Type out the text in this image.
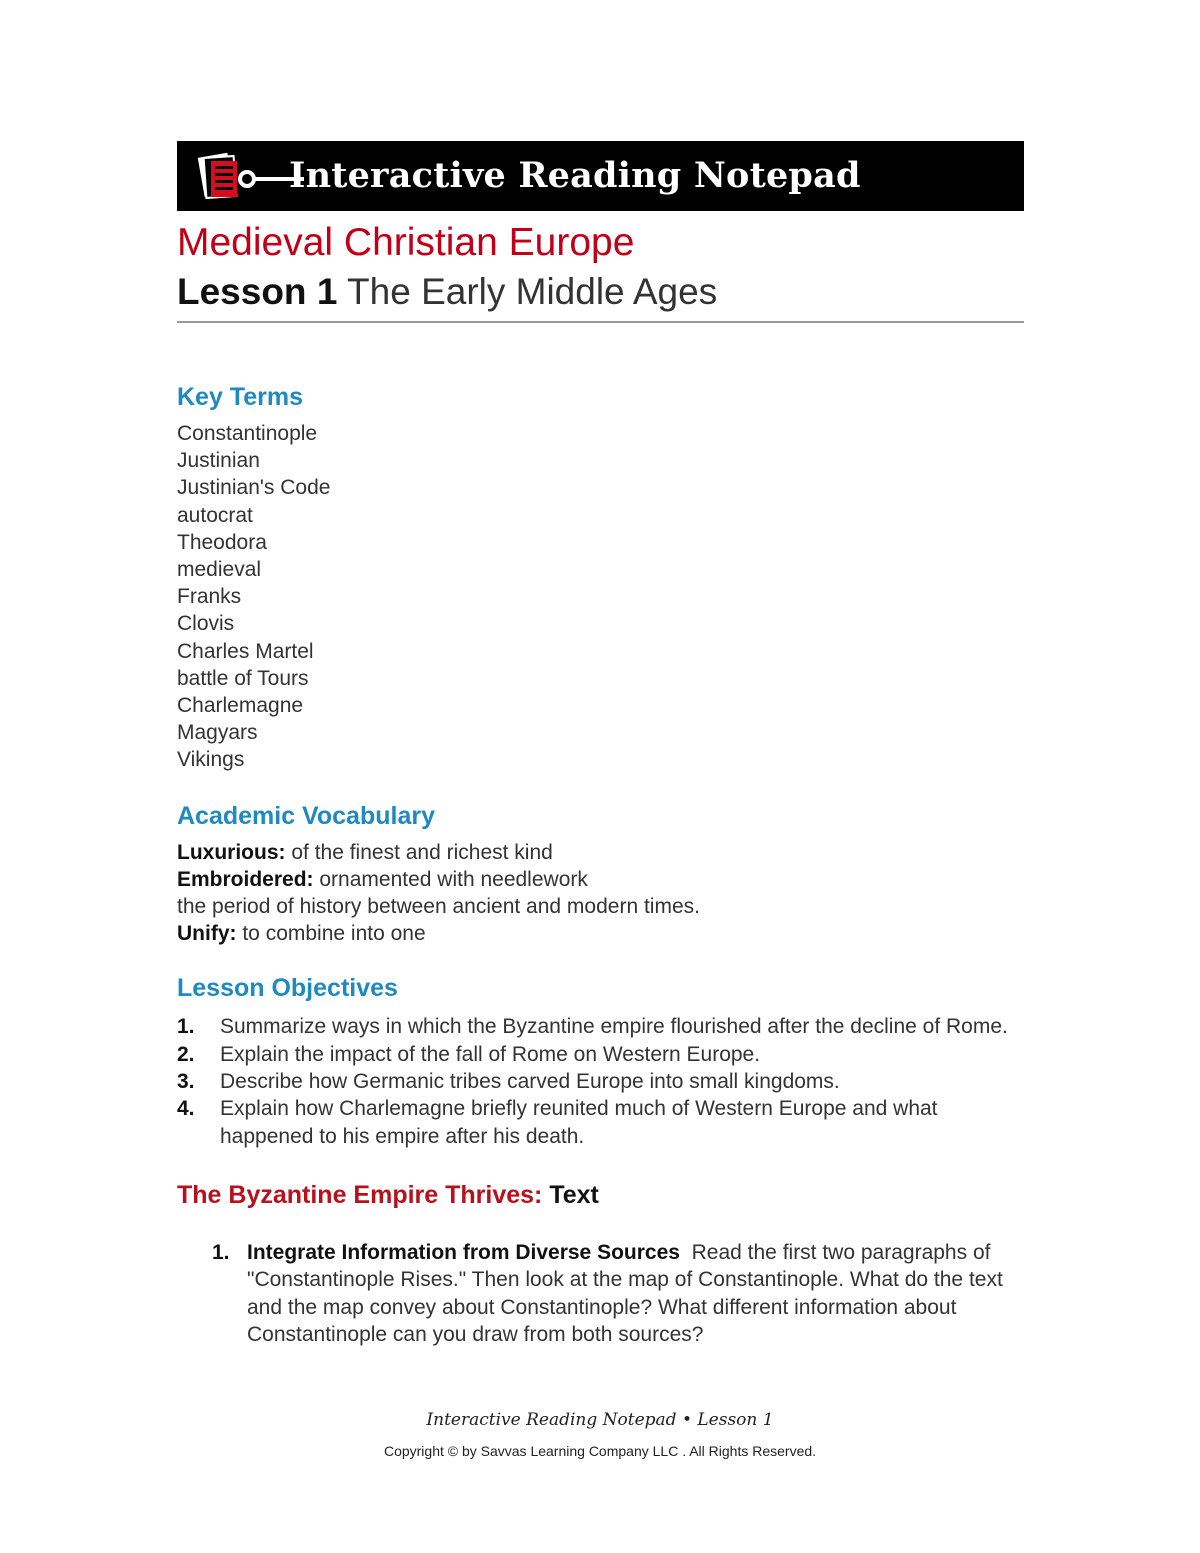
Interactive Reading Notepad
Medieval Christian Europe
Lesson 1 The Early Middle Ages
Key Terms
Constantinople
Justinian
Justinian's Code
autocrat
Theodora
medieval
Franks
Clovis
Charles Martel
battle of Tours
Charlemagne
Magyars
Vikings
Academic Vocabulary

Luxurious: of the finest and richest kind

Embroidered: ornamented with needlework

the period of history between ancient and modern times.

Unify: to combine into one

Lesson Objectives
1. Summarize ways in which the Byzantine empire flourished after the decline of Rome.
2. Explain the impact of the fall of Rome on Western Europe.
3. Describe how Germanic tribes carved Europe into small kingdoms.
4. Explain how Charlemagne briefly reunited much of Western Europe and what happened to his empire after his death.
The Byzantine Empire Thrives: Text
1. Integrate Information from Diverse Sources Read the first two paragraphs of "Constantinople Rises." Then look at the map of Constantinople. What do the text and the map convey about Constantinople? What different information about Constantinople can you draw from both sources?
Interactive Reading Notepad • Lesson 1
Copyright © by Savvas Learning Company LLC . All Rights Reserved.
